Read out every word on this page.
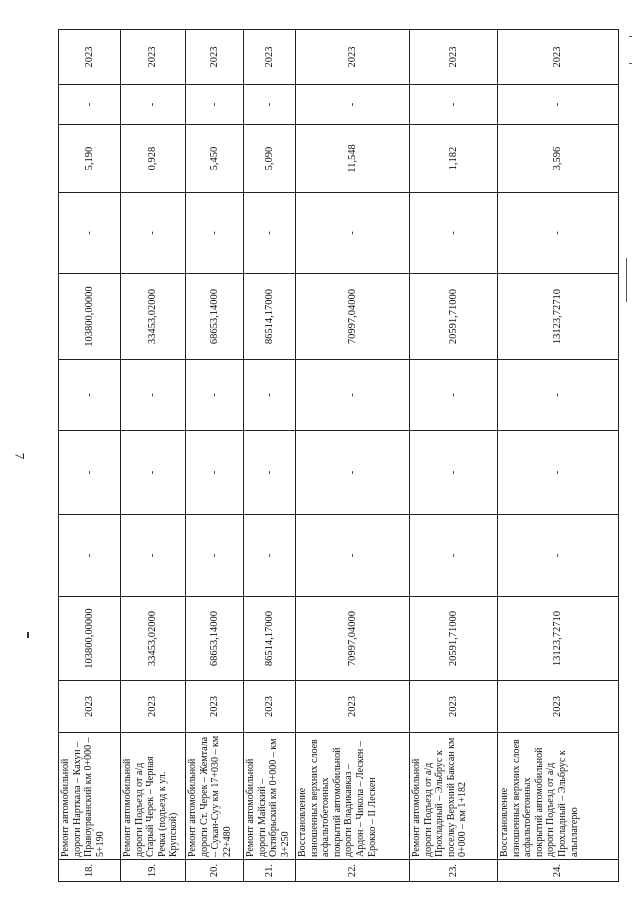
7
18.	Ремонт автомобильной дороги Нарткала – Кахун – Правоурванский км 0+000 – 5+190	2023	103800,00000	-	-	-	103800,00000	-	5,190	-	2023
19.	Ремонт автомобильной дороги Подъезд от а/д Старый Черек – Черная Речка (подъезд к ул. Крупской)	2023	33453,02000	-	-	-	33453,02000	-	0,928	-	2023
20.	Ремонт автомобильной дороги Ст. Черек – Жемтала – Сукан-Суу км 17+030 – км 22+480	2023	68653,14000	-	-	-	68653,14000	-	5,450	-	2023
21.	Ремонт автомобильной дороги Майский – Октябрьский км 0+000 – км 3+250	2023	86514,17000	-	-	-	86514,17000	-	5,090	-	2023
22.	Восстановление изношенных верхних слоев асфальтобетонных покрытий автомобильной дороги Владикавказ – Ардон – Чикола – Лескен – Ерокко – II Лескен	2023	70997,04000	-	-	-	70997,04000	-	11,548	-	2023
23.	Ремонт автомобильной дороги Подъезд от а/д Прохладный – Эльбрус к поселку Верхний Баксан км 0+000 – км 1+182	2023	20591,71000	-	-	-	20591,71000	-	1,182	-	2023
24.	Восстановление изношенных верхних слоев асфальтобетонных покрытий автомобильной дороги Подъезд от а/д Прохладный – Эльбрус к альплагерю	2023	13123,72710	-	-	-	13123,72710	-	3,596	-	2023
